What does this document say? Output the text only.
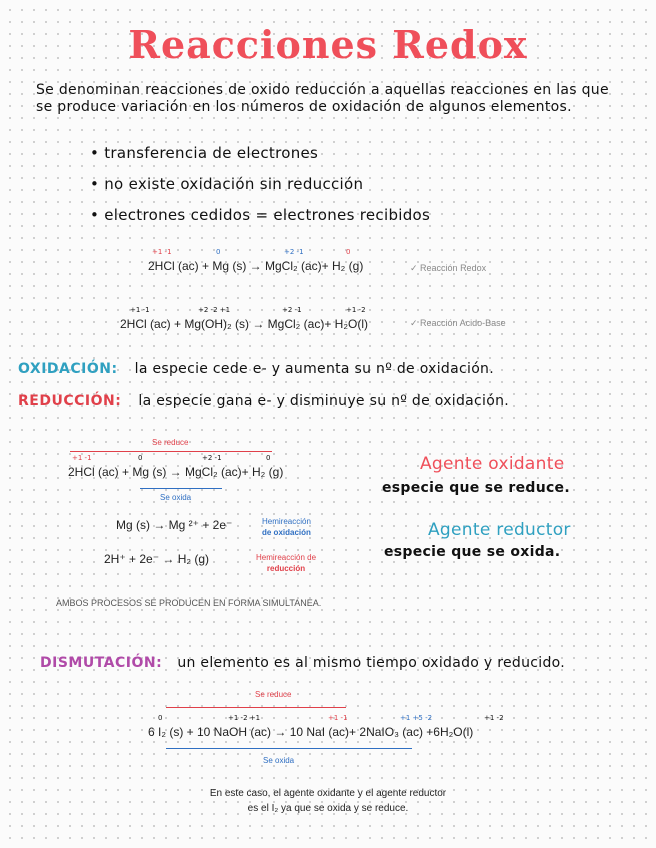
Reacciones Redox
Se denominan reacciones de oxido reducción a aquellas reacciones en las que se produce variación en los números de oxidación de algunos elementos.
• transferencia de electrones
• no existe oxidación sin reducción
• electrones cedidos = electrones recibidos
+1 -1	0	+2 -1	0
2HCl (ac) + Mg (s) → MgCl₂ (ac)+ H₂ (g)	✓ Reacción Redox
+1 -1	+2 -2 +1	+2 -1	+1 -2
2HCl (ac) + Mg(OH)₂ (s) → MgCl₂ (ac)+ H₂O(l)	✓ Reacción Acido-Base
OXIDACIÓN: la especie cede e- y aumenta su nº de oxidación.
REDUCCIÓN: la especie gana e- y disminuye su nº de oxidación.
Se reduce
+1 -1	0	+2 -1	0
2HCl (ac) + Mg (s) → MgCl₂ (ac)+ H₂ (g)
Se oxida
Agente oxidante
especie que se reduce.
Agente reductor
especie que se oxida.
Mg (s) → Mg ²⁺ + 2e⁻	Hemireacción
de oxidación
2H⁺ + 2e⁻ → H₂ (g)	Hemireacción de
reducción
AMBOS PROCESOS SE PRODUCEN EN FORMA SIMULTANEA.
DISMUTACIÓN: un elemento es al mismo tiempo oxidado y reducido.
Se reduce
0	+1 -2 +1	+1 -1	+1 +5 -2	+1 -2
6 I₂ (s) + 10 NaOH (ac) → 10 NaI (ac)+ 2NaIO₃ (ac) +6H₂O(l)
Se oxida
En este caso, el agente oxidante y el agente reductor
es el I₂ ya que se oxida y se reduce.
